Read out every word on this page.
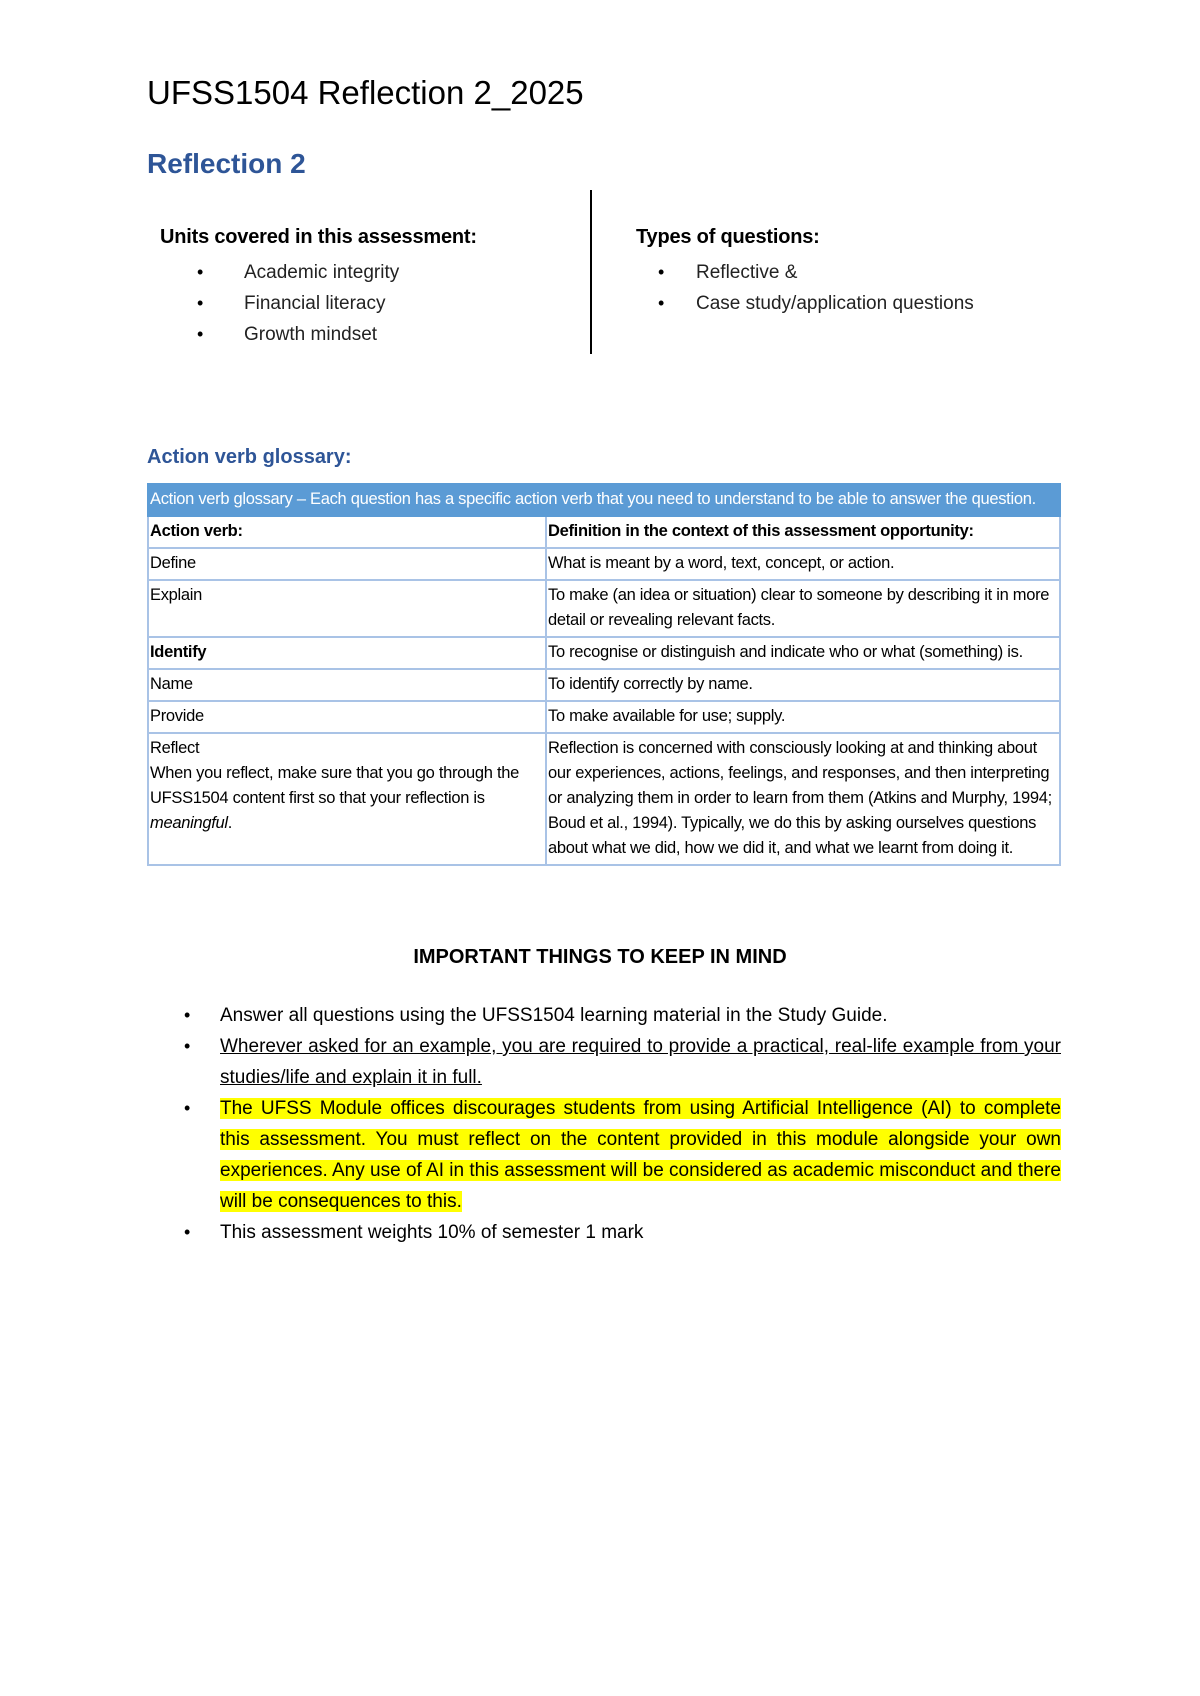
UFSS1504 Reflection 2_2025
Reflection 2
Units covered in this assessment:
• Academic integrity
• Financial literacy
• Growth mindset
Types of questions:
• Reflective &
• Case study/application questions
Action verb glossary:
Action verb glossary – Each question has a specific action verb that you need to understand to be able to answer the question.	
Action verb:	Definition in the context of this assessment opportunity:
Define	What is meant by a word, text, concept, or action.
Explain	To make (an idea or situation) clear to someone by describing it in more detail or revealing relevant facts.
Identify	To recognise or distinguish and indicate who or what (something) is.
Name	To identify correctly by name.
Provide	To make available for use; supply.

Reflect
When you reflect, make sure that you go through the UFSS1504 content first so that your reflection is meaningful.	Reflection is concerned with consciously looking at and thinking about our experiences, actions, feelings, and responses, and then interpreting or analyzing them in order to learn from them (Atkins and Murphy, 1994; Boud et al., 1994). Typically, we do this by asking ourselves questions about what we did, how we did it, and what we learnt from doing it.
IMPORTANT THINGS TO KEEP IN MIND
• Answer all questions using the UFSS1504 learning material in the Study Guide.
• Wherever asked for an example, you are required to provide a practical, real-life example from your studies/life and explain it in full.
• The UFSS Module offices discourages students from using Artificial Intelligence (AI) to complete this assessment. You must reflect on the content provided in this module alongside your own experiences. Any use of AI in this assessment will be considered as academic misconduct and there will be consequences to this.
• This assessment weights 10% of semester 1 mark
